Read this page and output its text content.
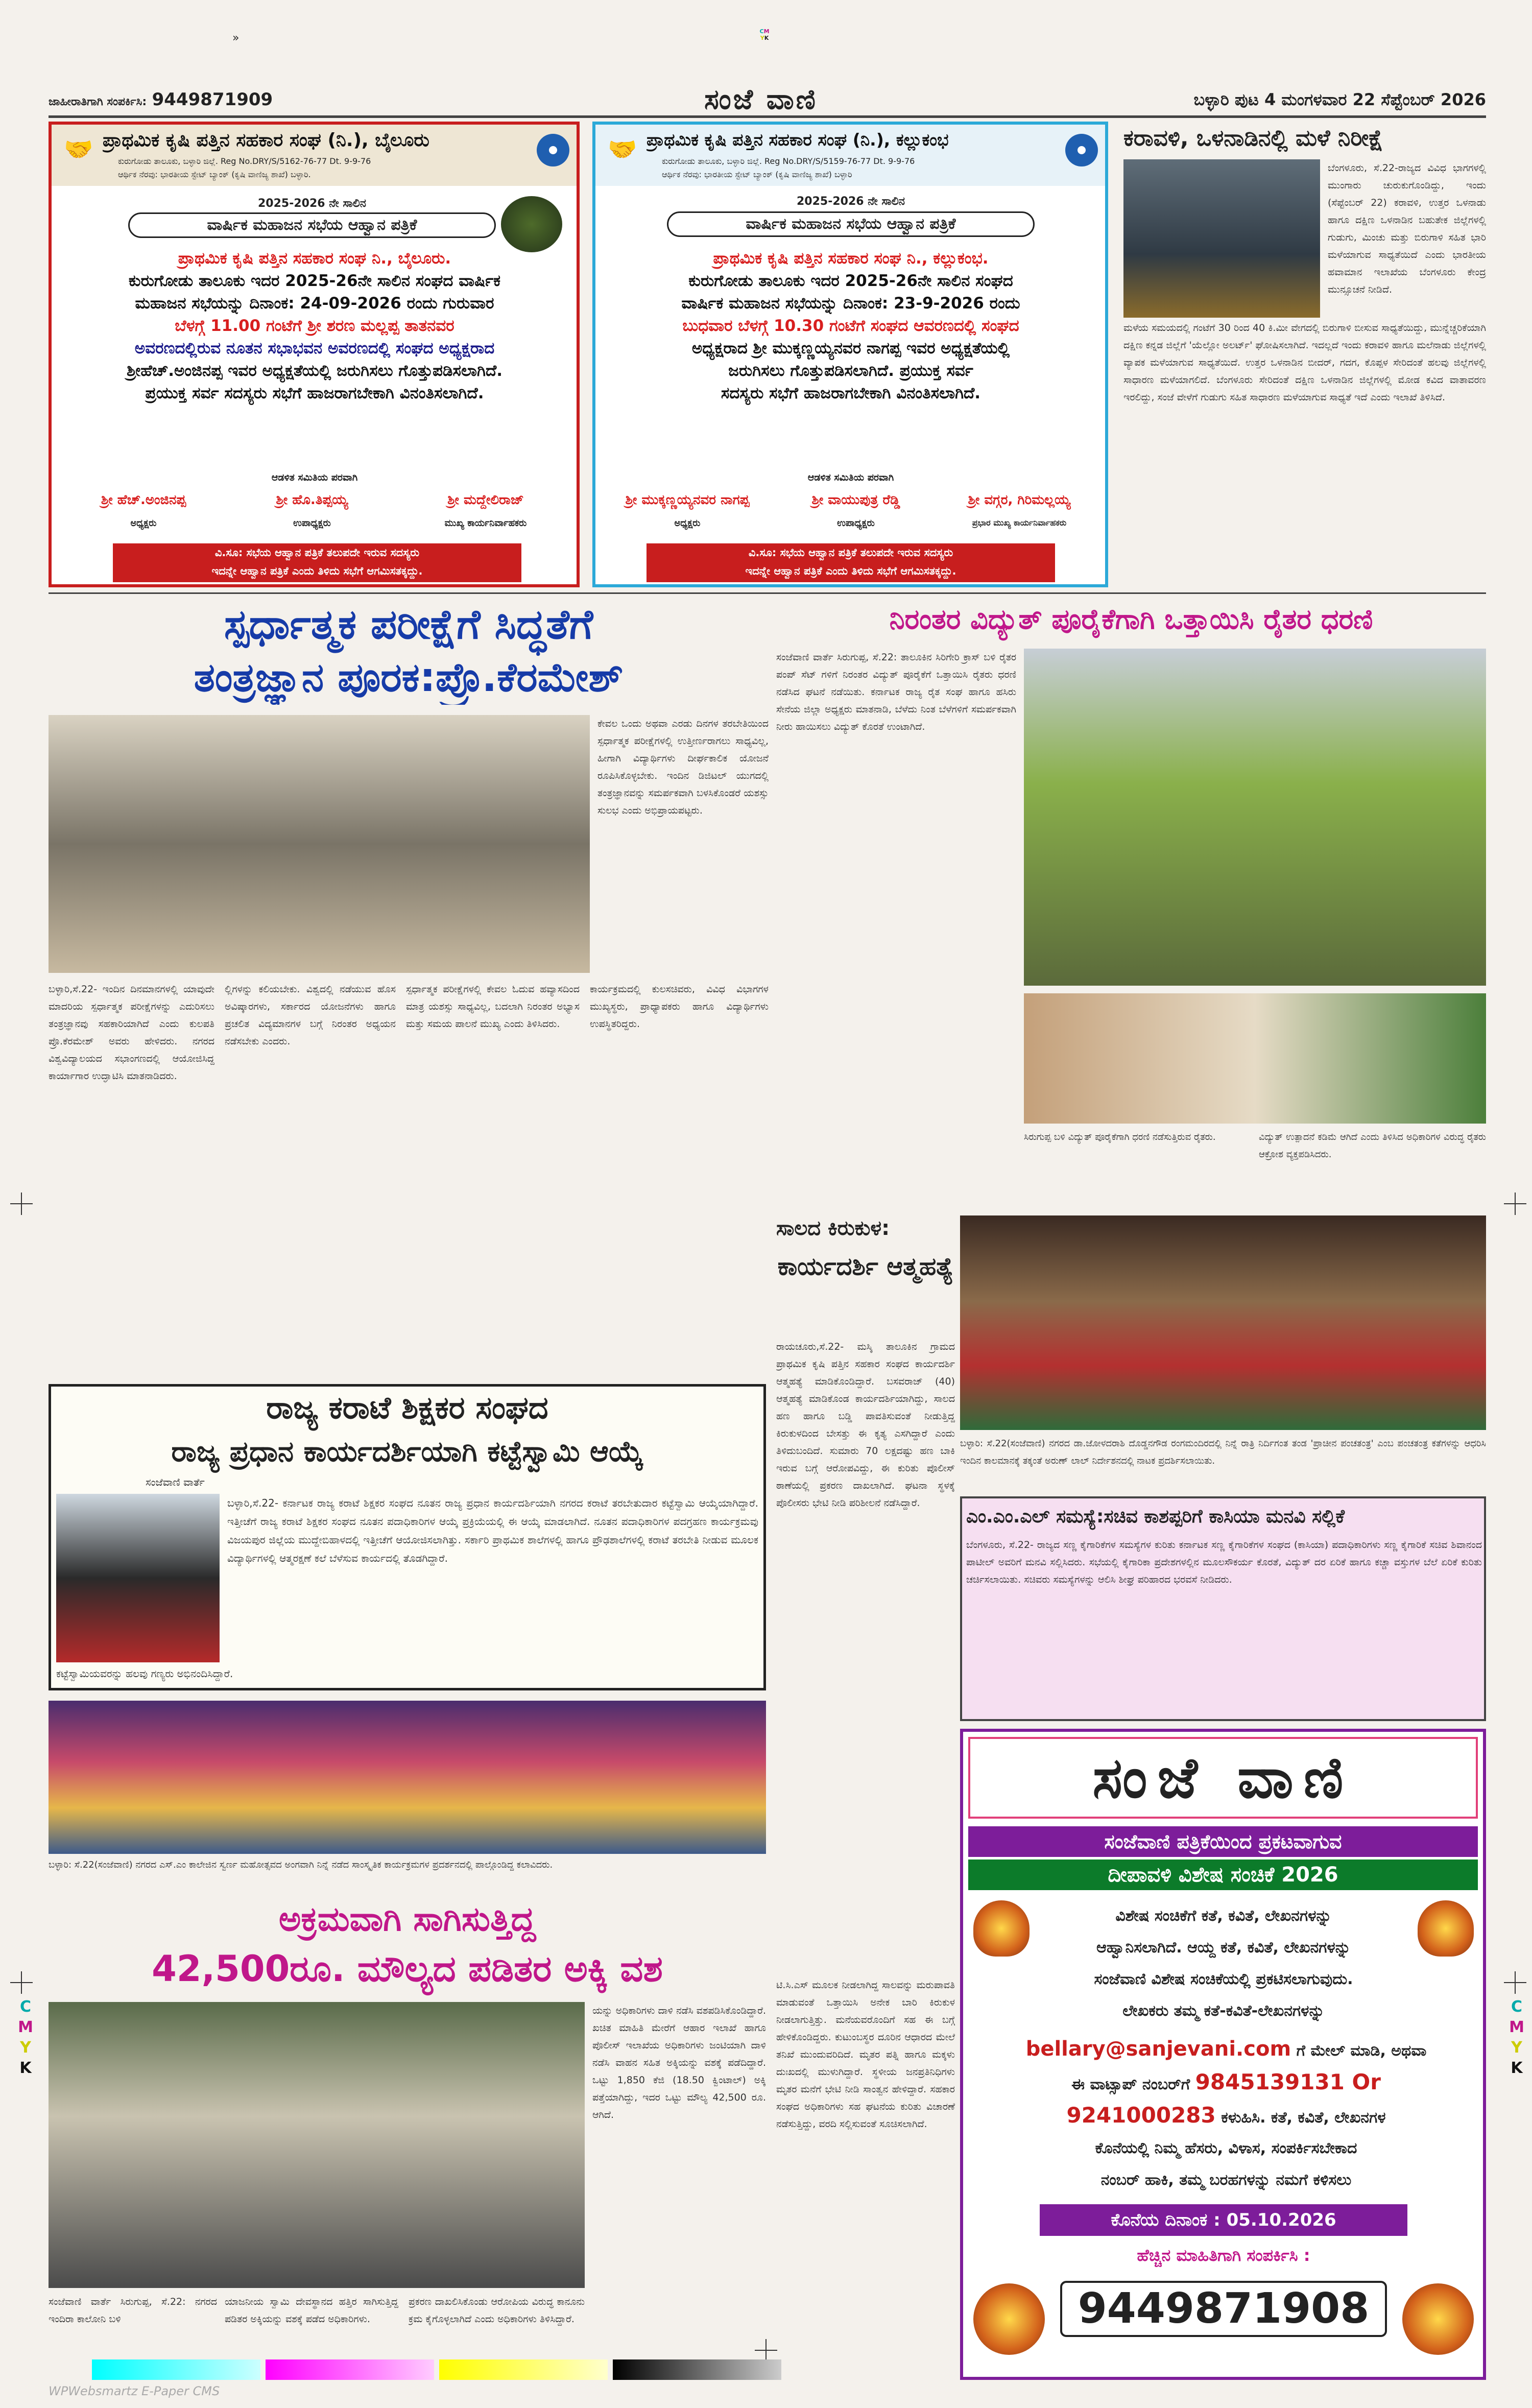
»
CM
YK
ಜಾಹೀರಾತಿಗಾಗಿ ಸಂಪರ್ಕಿಸಿ: 9449871909	ಸಂಜೆ ವಾಣಿ	ಬಳ್ಳಾರಿ ಪುಟ 4 ಮಂಗಳವಾರ 22 ಸೆಪ್ಟೆಂಬರ್ 2026
🤝 ಪ್ರಾಥಮಿಕ ಕೃಷಿ ಪತ್ತಿನ ಸಹಕಾರ ಸಂಘ (ನಿ.), ಬೈಲೂರು
ಕುರುಗೋಡು ತಾಲೂಕು, ಬಳ್ಳಾರಿ ಜಿಲ್ಲೆ. Reg No.DRY/S/5162-76-77 Dt. 9-9-76
ಆರ್ಥಿಕ ನೆರವು: ಭಾರತೀಯ ಸ್ಟೇಟ್ ಬ್ಯಾಂಕ್ (ಕೃಷಿ ವಾಣಿಜ್ಯ ಶಾಖೆ) ಬಳ್ಳಾರಿ.
2025-2026 ನೇ ಸಾಲಿನ
ವಾರ್ಷಿಕ ಮಹಾಜನ ಸಭೆಯ ಆಹ್ವಾನ ಪತ್ರಿಕೆ
ಪ್ರಾಥಮಿಕ ಕೃಷಿ ಪತ್ತಿನ ಸಹಕಾರ ಸಂಘ ನಿ., ಬೈಲೂರು.
ಕುರುಗೋಡು ತಾಲೂಕು ಇದರ 2025-26ನೇ ಸಾಲಿನ ಸಂಘದ ವಾರ್ಷಿಕ
ಮಹಾಜನ ಸಭೆಯನ್ನು ದಿನಾಂಕ: 24-09-2026 ರಂದು ಗುರುವಾರ
ಬೆಳಗ್ಗೆ 11.00 ಗಂಟೆಗೆ ಶ್ರೀ ಶರಣ ಮಲ್ಲಪ್ಪ ತಾತನವರ
ಅವರಣದಲ್ಲಿರುವ ನೂತನ ಸಭಾಭವನ ಅವರಣದಲ್ಲಿ ಸಂಘದ ಅಧ್ಯಕ್ಷರಾದ
ಶ್ರೀಹೆಚ್.ಅಂಜಿನಪ್ಪ ಇವರ ಅಧ್ಯಕ್ಷತೆಯಲ್ಲಿ ಜರುಗಿಸಲು ಗೊತ್ತುಪಡಿಸಲಾಗಿದೆ.
ಪ್ರಯುಕ್ತ ಸರ್ವ ಸದಸ್ಯರು ಸಭೆಗೆ ಹಾಜರಾಗಬೇಕಾಗಿ ವಿನಂತಿಸಲಾಗಿದೆ.
ಆಡಳಿತ ಸಮಿತಿಯ ಪರವಾಗಿ
ಶ್ರೀ ಹೆಚ್.ಅಂಜಿನಪ್ಪ
ಅಧ್ಯಕ್ಷರು
ಶ್ರೀ ಹೊ.ತಿಪ್ಪಯ್ಯ
ಉಪಾಧ್ಯಕ್ಷರು
ಶ್ರೀ ಮದ್ದೇಲಿರಾಜ್
ಮುಖ್ಯ ಕಾರ್ಯನಿರ್ವಾಹಕರು
ವಿ.ಸೂ: ಸಭೆಯ ಆಹ್ವಾನ ಪತ್ರಿಕೆ ತಲುಪದೇ ಇರುವ ಸದಸ್ಯರು
ಇದನ್ನೇ ಆಹ್ವಾನ ಪತ್ರಿಕೆ ಎಂದು ತಿಳಿದು ಸಭೆಗೆ ಆಗಮಿಸತಕ್ಕದ್ದು.
🤝 ಪ್ರಾಥಮಿಕ ಕೃಷಿ ಪತ್ತಿನ ಸಹಕಾರ ಸಂಘ (ನಿ.), ಕಲ್ಲುಕಂಭ
ಕುರುಗೋಡು ತಾಲೂಕು, ಬಳ್ಳಾರಿ ಜಿಲ್ಲೆ. Reg No.DRY/S/5159-76-77 Dt. 9-9-76
ಆರ್ಥಿಕ ನೆರವು: ಭಾರತೀಯ ಸ್ಟೇಟ್ ಬ್ಯಾಂಕ್ (ಕೃಷಿ ವಾಣಿಜ್ಯ ಶಾಖೆ) ಬಳ್ಳಾರಿ
2025-2026 ನೇ ಸಾಲಿನ
ವಾರ್ಷಿಕ ಮಹಾಜನ ಸಭೆಯ ಆಹ್ವಾನ ಪತ್ರಿಕೆ
ಪ್ರಾಥಮಿಕ ಕೃಷಿ ಪತ್ತಿನ ಸಹಕಾರ ಸಂಘ ನಿ., ಕಲ್ಲುಕಂಭ.
ಕುರುಗೋಡು ತಾಲೂಕು ಇದರ 2025-26ನೇ ಸಾಲಿನ ಸಂಘದ
ವಾರ್ಷಿಕ ಮಹಾಜನ ಸಭೆಯನ್ನು ದಿನಾಂಕ: 23-9-2026 ರಂದು
ಬುಧವಾರ ಬೆಳಗ್ಗೆ 10.30 ಗಂಟೆಗೆ ಸಂಘದ ಆವರಣದಲ್ಲಿ ಸಂಘದ
ಅಧ್ಯಕ್ಷರಾದ ಶ್ರೀ ಮುಕ್ಕಣ್ಣಯ್ಯನವರ ನಾಗಪ್ಪ ಇವರ ಅಧ್ಯಕ್ಷತೆಯಲ್ಲಿ
ಜರುಗಿಸಲು ಗೊತ್ತುಪಡಿಸಲಾಗಿದೆ. ಪ್ರಯುಕ್ತ ಸರ್ವ
ಸದಸ್ಯರು ಸಭೆಗೆ ಹಾಜರಾಗಬೇಕಾಗಿ ವಿನಂತಿಸಲಾಗಿದೆ.
ಆಡಳಿತ ಸಮಿತಿಯ ಪರವಾಗಿ
ಶ್ರೀ ಮುಕ್ಕಣ್ಣಯ್ಯನವರ ನಾಗಪ್ಪ
ಅಧ್ಯಕ್ಷರು
ಶ್ರೀ ವಾಯುಪುತ್ರ ರೆಡ್ಡಿ
ಉಪಾಧ್ಯಕ್ಷರು
ಶ್ರೀ ವಗ್ಗರ, ಗಿರಿಮಲ್ಲಯ್ಯ
ಪ್ರಭಾರ ಮುಖ್ಯ ಕಾರ್ಯನಿರ್ವಾಹಕರು
ವಿ.ಸೂ: ಸಭೆಯ ಆಹ್ವಾನ ಪತ್ರಿಕೆ ತಲುಪದೇ ಇರುವ ಸದಸ್ಯರು
ಇದನ್ನೇ ಆಹ್ವಾನ ಪತ್ರಿಕೆ ಎಂದು ತಿಳಿದು ಸಭೆಗೆ ಆಗಮಿಸತಕ್ಕದ್ದು.
ಕರಾವಳಿ, ಒಳನಾಡಿನಲ್ಲಿ ಮಳೆ ನಿರೀಕ್ಷೆ
ಬೆಂಗಳೂರು, ಸೆ.22-ರಾಜ್ಯದ ವಿವಿಧ ಭಾಗಗಳಲ್ಲಿ ಮುಂಗಾರು ಚುರುಕುಗೊಂಡಿದ್ದು, ಇಂದು (ಸೆಪ್ಟೆಂಬರ್ 22) ಕರಾವಳಿ, ಉತ್ತರ ಒಳನಾಡು ಹಾಗೂ ದಕ್ಷಿಣ ಒಳನಾಡಿನ ಬಹುತೇಕ ಜಿಲ್ಲೆಗಳಲ್ಲಿ ಗುಡುಗು, ಮಿಂಚು ಮತ್ತು ಬಿರುಗಾಳಿ ಸಹಿತ ಭಾರಿ ಮಳೆಯಾಗುವ ಸಾಧ್ಯತೆಯಿದೆ ಎಂದು ಭಾರತೀಯ ಹವಾಮಾನ ಇಲಾಖೆಯ ಬೆಂಗಳೂರು ಕೇಂದ್ರ ಮುನ್ಸೂಚನೆ ನೀಡಿದೆ.
ಮಳೆಯ ಸಮಯದಲ್ಲಿ ಗಂಟೆಗೆ 30 ರಿಂದ 40 ಕಿ.ಮೀ ವೇಗದಲ್ಲಿ ಬಿರುಗಾಳಿ ಬೀಸುವ ಸಾಧ್ಯತೆಯಿದ್ದು, ಮುನ್ನೆಚ್ಚರಿಕೆಯಾಗಿ ದಕ್ಷಿಣ ಕನ್ನಡ ಜಿಲ್ಲೆಗೆ 'ಯೆಲ್ಲೋ ಅಲರ್ಟ್' ಘೋಷಿಸಲಾಗಿದೆ. ಇದಲ್ಲದೆ ಇಂದು ಕರಾವಳಿ ಹಾಗೂ ಮಲೆನಾಡು ಜಿಲ್ಲೆಗಳಲ್ಲಿ ವ್ಯಾಪಕ ಮಳೆಯಾಗುವ ಸಾಧ್ಯತೆಯಿದೆ. ಉತ್ತರ ಒಳನಾಡಿನ ಬೀದರ್, ಗದಗ, ಕೊಪ್ಪಳ ಸೇರಿದಂತೆ ಹಲವು ಜಿಲ್ಲೆಗಳಲ್ಲಿ ಸಾಧಾರಣ ಮಳೆಯಾಗಲಿದೆ. ಬೆಂಗಳೂರು ಸೇರಿದಂತೆ ದಕ್ಷಿಣ ಒಳನಾಡಿನ ಜಿಲ್ಲೆಗಳಲ್ಲಿ ಮೋಡ ಕವಿದ ವಾತಾವರಣ ಇರಲಿದ್ದು, ಸಂಜೆ ವೇಳೆಗೆ ಗುಡುಗು ಸಹಿತ ಸಾಧಾರಣ ಮಳೆಯಾಗುವ ಸಾಧ್ಯತೆ ಇದೆ ಎಂದು ಇಲಾಖೆ ತಿಳಿಸಿದೆ.
ಸ್ಪರ್ಧಾತ್ಮಕ ಪರೀಕ್ಷೆಗೆ ಸಿದ್ಧತೆಗೆ
ತಂತ್ರಜ್ಞಾನ ಪೂರಕ:ಪ್ರೊ.ಕೆರಮೇಶ್
ಕೇವಲ ಒಂದು ಅಥವಾ ಎರಡು ದಿನಗಳ ತರಬೇತಿಯಿಂದ ಸ್ಪರ್ಧಾತ್ಮಕ ಪರೀಕ್ಷೆಗಳಲ್ಲಿ ಉತ್ತೀರ್ಣರಾಗಲು ಸಾಧ್ಯವಿಲ್ಲ, ಹೀಗಾಗಿ ವಿದ್ಯಾರ್ಥಿಗಳು ದೀರ್ಘಕಾಲಿಕ ಯೋಜನೆ ರೂಪಿಸಿಕೊಳ್ಳಬೇಕು. ಇಂದಿನ ಡಿಜಿಟಲ್ ಯುಗದಲ್ಲಿ ತಂತ್ರಜ್ಞಾನವನ್ನು ಸಮರ್ಪಕವಾಗಿ ಬಳಸಿಕೊಂಡರೆ ಯಶಸ್ಸು ಸುಲಭ ಎಂದು ಅಭಿಪ್ರಾಯಪಟ್ಟರು.
ಬಳ್ಳಾರಿ,ಸೆ.22- ಇಂದಿನ ದಿನಮಾನಗಳಲ್ಲಿ ಯಾವುದೇ ಮಾದರಿಯ ಸ್ಪರ್ಧಾತ್ಮಕ ಪರೀಕ್ಷೆಗಳನ್ನು ಎದುರಿಸಲು ತಂತ್ರಜ್ಞಾನವು ಸಹಕಾರಿಯಾಗಿದೆ ಎಂದು ಕುಲಪತಿ ಪ್ರೊ.ಕೆರಮೇಶ್ ಅವರು ಹೇಳಿದರು. ನಗರದ ವಿಶ್ವವಿದ್ಯಾಲಯದ ಸಭಾಂಗಣದಲ್ಲಿ ಆಯೋಜಿಸಿದ್ದ ಕಾರ್ಯಾಗಾರ ಉದ್ಘಾಟಿಸಿ ಮಾತನಾಡಿದರು.
ಲ್ಲಿಗಳನ್ನು ಕಲಿಯಬೇಕು. ವಿಶ್ವದಲ್ಲಿ ನಡೆಯುವ ಹೊಸ ಅವಿಷ್ಕಾರಗಳು, ಸರ್ಕಾರದ ಯೋಜನೆಗಳು ಹಾಗೂ ಪ್ರಚಲಿತ ವಿದ್ಯಮಾನಗಳ ಬಗ್ಗೆ ನಿರಂತರ ಅಧ್ಯಯನ ನಡೆಸಬೇಕು ಎಂದರು.
ಸ್ಪರ್ಧಾತ್ಮಕ ಪರೀಕ್ಷೆಗಳಲ್ಲಿ ಕೇವಲ ಓದುವ ಹವ್ಯಾಸದಿಂದ ಮಾತ್ರ ಯಶಸ್ಸು ಸಾಧ್ಯವಿಲ್ಲ, ಬದಲಾಗಿ ನಿರಂತರ ಅಭ್ಯಾಸ ಮತ್ತು ಸಮಯ ಪಾಲನೆ ಮುಖ್ಯ ಎಂದು ತಿಳಿಸಿದರು.
ಕಾರ್ಯಕ್ರಮದಲ್ಲಿ ಕುಲಸಚಿವರು, ವಿವಿಧ ವಿಭಾಗಗಳ ಮುಖ್ಯಸ್ಥರು, ಪ್ರಾಧ್ಯಾಪಕರು ಹಾಗೂ ವಿದ್ಯಾರ್ಥಿಗಳು ಉಪಸ್ಥಿತರಿದ್ದರು.
ನಿರಂತರ ವಿದ್ಯುತ್ ಪೂರೈಕೆಗಾಗಿ ಒತ್ತಾಯಿಸಿ ರೈತರ ಧರಣಿ
ಸಂಜೆವಾಣಿ ವಾರ್ತೆ ಸಿರುಗುಪ್ಪ, ಸೆ.22: ತಾಲೂಕಿನ ಸಿರಿಗೇರಿ ಕ್ರಾಸ್ ಬಳಿ ರೈತರ ಪಂಪ್ ಸೆಟ್ ಗಳಿಗೆ ನಿರಂತರ ವಿದ್ಯುತ್ ಪೂರೈಕೆಗೆ ಒತ್ತಾಯಿಸಿ ರೈತರು ಧರಣಿ ನಡೆಸಿದ ಘಟನೆ ನಡೆಯಿತು. ಕರ್ನಾಟಕ ರಾಜ್ಯ ರೈತ ಸಂಘ ಹಾಗೂ ಹಸಿರು ಸೇನೆಯ ಜಿಲ್ಲಾ ಅಧ್ಯಕ್ಷರು ಮಾತನಾಡಿ, ಬೆಳೆದು ನಿಂತ ಬೆಳೆಗಳಿಗೆ ಸಮರ್ಪಕವಾಗಿ ನೀರು ಹಾಯಿಸಲು ವಿದ್ಯುತ್ ಕೊರತೆ ಉಂಟಾಗಿದೆ.
ಸಿರುಗುಪ್ಪ ಬಳಿ ವಿದ್ಯುತ್ ಪೂರೈಕೆಗಾಗಿ ಧರಣಿ ನಡೆಸುತ್ತಿರುವ ರೈತರು.	ವಿದ್ಯುತ್ ಉತ್ಪಾದನೆ ಕಡಿಮೆ ಆಗಿದೆ ಎಂದು ತಿಳಿಸಿದ ಅಧಿಕಾರಿಗಳ ವಿರುದ್ಧ ರೈತರು ಆಕ್ರೋಶ ವ್ಯಕ್ತಪಡಿಸಿದರು.
ಸಾಲದ ಕಿರುಕುಳ:
ಕಾರ್ಯದರ್ಶಿ ಆತ್ಮಹತ್ಯೆ
ರಾಯಚೂರು,ಸೆ.22- ಮಸ್ಕಿ ತಾಲೂಕಿನ ಗ್ರಾಮದ ಪ್ರಾಥಮಿಕ ಕೃಷಿ ಪತ್ತಿನ ಸಹಕಾರ ಸಂಘದ ಕಾರ್ಯದರ್ಶಿ ಆತ್ಮಹತ್ಯೆ ಮಾಡಿಕೊಂಡಿದ್ದಾರೆ. ಬಸವರಾಜ್ (40) ಆತ್ಮಹತ್ಯೆ ಮಾಡಿಕೊಂಡ ಕಾರ್ಯದರ್ಶಿಯಾಗಿದ್ದು, ಸಾಲದ ಹಣ ಹಾಗೂ ಬಡ್ಡಿ ಪಾವತಿಸುವಂತೆ ನೀಡುತ್ತಿದ್ದ ಕಿರುಕುಳದಿಂದ ಬೇಸತ್ತು ಈ ಕೃತ್ಯ ಎಸಗಿದ್ದಾರೆ ಎಂದು ತಿಳಿದುಬಂದಿದೆ. ಸುಮಾರು 70 ಲಕ್ಷದಷ್ಟು ಹಣ ಬಾಕಿ ಇರುವ ಬಗ್ಗೆ ಆರೋಪವಿದ್ದು, ಈ ಕುರಿತು ಪೊಲೀಸ್ ಠಾಣೆಯಲ್ಲಿ ಪ್ರಕರಣ ದಾಖಲಾಗಿದೆ. ಘಟನಾ ಸ್ಥಳಕ್ಕೆ ಪೊಲೀಸರು ಭೇಟಿ ನೀಡಿ ಪರಿಶೀಲನೆ ನಡೆಸಿದ್ದಾರೆ.
ಟಿ.ಸಿ.ಎಸ್ ಮೂಲಕ ನೀಡಲಾಗಿದ್ದ ಸಾಲವನ್ನು ಮರುಪಾವತಿ ಮಾಡುವಂತೆ ಒತ್ತಾಯಿಸಿ ಅನೇಕ ಬಾರಿ ಕಿರುಕುಳ ನೀಡಲಾಗುತ್ತಿತ್ತು. ಮನೆಯವರೊಂದಿಗೆ ಸಹ ಈ ಬಗ್ಗೆ ಹೇಳಿಕೊಂಡಿದ್ದರು. ಕುಟುಂಬಸ್ಥರ ದೂರಿನ ಆಧಾರದ ಮೇಲೆ ತನಿಖೆ ಮುಂದುವರಿದಿದೆ. ಮೃತರ ಪತ್ನಿ ಹಾಗೂ ಮಕ್ಕಳು ದುಃಖದಲ್ಲಿ ಮುಳುಗಿದ್ದಾರೆ. ಸ್ಥಳೀಯ ಜನಪ್ರತಿನಿಧಿಗಳು ಮೃತರ ಮನೆಗೆ ಭೇಟಿ ನೀಡಿ ಸಾಂತ್ವನ ಹೇಳಿದ್ದಾರೆ. ಸಹಕಾರ ಸಂಘದ ಅಧಿಕಾರಿಗಳು ಸಹ ಘಟನೆಯ ಕುರಿತು ವಿಚಾರಣೆ ನಡೆಸುತ್ತಿದ್ದು, ವರದಿ ಸಲ್ಲಿಸುವಂತೆ ಸೂಚಿಸಲಾಗಿದೆ.
ಬಳ್ಳಾರಿ: ಸೆ.22(ಸಂಜೆವಾಣಿ) ನಗರದ ಡಾ.ಜೋಳದರಾಶಿ ದೊಡ್ಡನಗೌಡ ರಂಗಮಂದಿರದಲ್ಲಿ ನಿನ್ನೆ ರಾತ್ರಿ ನಿರ್ದಿಗಂತ ತಂಡ 'ಪ್ರಾಚೀನ ಪಂಚತಂತ್ರ' ಎಂಬ ಪಂಚತಂತ್ರ ಕತೆಗಳನ್ನು ಆಧರಿಸಿ ಇಂದಿನ ಕಾಲಮಾನಕ್ಕೆ ತಕ್ಕಂತೆ ಅರುಣ್ ಲಾಲ್ ನಿರ್ದೇಶನದಲ್ಲಿ ನಾಟಕ ಪ್ರದರ್ಶಿಸಲಾಯಿತು.
ರಾಜ್ಯ ಕರಾಟೆ ಶಿಕ್ಷಕರ ಸಂಘದ
ರಾಜ್ಯ ಪ್ರಧಾನ ಕಾರ್ಯದರ್ಶಿಯಾಗಿ ಕಟ್ಟೆಸ್ವಾಮಿ ಆಯ್ಕೆ
ಸಂಜೆವಾಣಿ ವಾರ್ತೆ
ಬಳ್ಳಾರಿ,ಸೆ.22- ಕರ್ನಾಟಕ ರಾಜ್ಯ ಕರಾಟೆ ಶಿಕ್ಷಕರ ಸಂಘದ ನೂತನ ರಾಜ್ಯ ಪ್ರಧಾನ ಕಾರ್ಯದರ್ಶಿಯಾಗಿ ನಗರದ ಕರಾಟೆ ತರಬೇತುದಾರ ಕಟ್ಟೆಸ್ವಾಮಿ ಆಯ್ಕೆಯಾಗಿದ್ದಾರೆ. ಇತ್ತೀಚೆಗೆ ರಾಜ್ಯ ಕರಾಟೆ ಶಿಕ್ಷಕರ ಸಂಘದ ನೂತನ ಪದಾಧಿಕಾರಿಗಳ ಆಯ್ಕೆ ಪ್ರಕ್ರಿಯೆಯಲ್ಲಿ ಈ ಆಯ್ಕೆ ಮಾಡಲಾಗಿದೆ. ನೂತನ ಪದಾಧಿಕಾರಿಗಳ ಪದಗ್ರಹಣ ಕಾರ್ಯಕ್ರಮವು ವಿಜಯಪುರ ಜಿಲ್ಲೆಯ ಮುದ್ದೇಬಿಹಾಳದಲ್ಲಿ ಇತ್ತೀಚೆಗೆ ಆಯೋಜಿಸಲಾಗಿತ್ತು. ಸರ್ಕಾರಿ ಪ್ರಾಥಮಿಕ ಶಾಲೆಗಳಲ್ಲಿ ಹಾಗೂ ಪ್ರೌಢಶಾಲೆಗಳಲ್ಲಿ ಕರಾಟೆ ತರಬೇತಿ ನೀಡುವ ಮೂಲಕ ವಿದ್ಯಾರ್ಥಿಗಳಲ್ಲಿ ಆತ್ಮರಕ್ಷಣೆ ಕಲೆ ಬೆಳೆಸುವ ಕಾರ್ಯದಲ್ಲಿ ತೊಡಗಿದ್ದಾರೆ.
ಕಟ್ಟೆಸ್ವಾಮಿಯವರನ್ನು ಹಲವು ಗಣ್ಯರು ಅಭಿನಂದಿಸಿದ್ದಾರೆ.
ಬಳ್ಳಾರಿ: ಸೆ.22(ಸಂಜೆವಾಣಿ) ನಗರದ ಎಸ್.ಎಂ ಕಾಲೇಜಿನ ಸ್ವರ್ಣ ಮಹೋತ್ಸವದ ಅಂಗವಾಗಿ ನಿನ್ನೆ ನಡೆದ ಸಾಂಸ್ಕೃತಿಕ ಕಾರ್ಯಕ್ರಮಗಳ ಪ್ರದರ್ಶನದಲ್ಲಿ ಪಾಲ್ಗೊಂಡಿದ್ದ ಕಲಾವಿದರು.
ಅಕ್ರಮವಾಗಿ ಸಾಗಿಸುತ್ತಿದ್ದ
42,500ರೂ. ಮೌಲ್ಯದ ಪಡಿತರ ಅಕ್ಕಿ ವಶ
ಯನ್ನು ಅಧಿಕಾರಿಗಳು ದಾಳಿ ನಡೆಸಿ ವಶಪಡಿಸಿಕೊಂಡಿದ್ದಾರೆ. ಖಚಿತ ಮಾಹಿತಿ ಮೇರೆಗೆ ಆಹಾರ ಇಲಾಖೆ ಹಾಗೂ ಪೊಲೀಸ್ ಇಲಾಖೆಯ ಅಧಿಕಾರಿಗಳು ಜಂಟಿಯಾಗಿ ದಾಳಿ ನಡೆಸಿ ವಾಹನ ಸಹಿತ ಅಕ್ಕಿಯನ್ನು ವಶಕ್ಕೆ ಪಡೆದಿದ್ದಾರೆ. ಒಟ್ಟು 1,850 ಕೆಜಿ (18.50 ಕ್ವಿಂಟಾಲ್) ಅಕ್ಕಿ ಪತ್ತೆಯಾಗಿದ್ದು, ಇದರ ಒಟ್ಟು ಮೌಲ್ಯ 42,500 ರೂ. ಆಗಿದೆ.
ಸಂಜೆವಾಣಿ ವಾರ್ತೆ ಸಿರುಗುಪ್ಪ, ಸೆ.22: ನಗರದ ಇಂದಿರಾ ಕಾಲೋನಿ ಬಳಿ
ಯಾಜನೀಯ ಸ್ವಾಮಿ ದೇವಸ್ಥಾನದ ಹತ್ತಿರ ಸಾಗಿಸುತ್ತಿದ್ದ ಪಡಿತರ ಅಕ್ಕಿಯನ್ನು ವಶಕ್ಕೆ ಪಡೆದ ಅಧಿಕಾರಿಗಳು.
ಪ್ರಕರಣ ದಾಖಲಿಸಿಕೊಂಡು ಆರೋಪಿಯ ವಿರುದ್ಧ ಕಾನೂನು ಕ್ರಮ ಕೈಗೊಳ್ಳಲಾಗಿದೆ ಎಂದು ಅಧಿಕಾರಿಗಳು ತಿಳಿಸಿದ್ದಾರೆ.
ಎಂ.ಎಂ.ಎಲ್ ಸಮಸ್ಯೆ:ಸಚಿವ ಕಾಶಪ್ಪರಿಗೆ ಕಾಸಿಯಾ ಮನವಿ ಸಲ್ಲಿಕೆ
ಬೆಂಗಳೂರು, ಸೆ.22- ರಾಜ್ಯದ ಸಣ್ಣ ಕೈಗಾರಿಕೆಗಳ ಸಮಸ್ಯೆಗಳ ಕುರಿತು ಕರ್ನಾಟಕ ಸಣ್ಣ ಕೈಗಾರಿಕೆಗಳ ಸಂಘದ (ಕಾಸಿಯಾ) ಪದಾಧಿಕಾರಿಗಳು ಸಣ್ಣ ಕೈಗಾರಿಕೆ ಸಚಿವ ಶಿವಾನಂದ ಪಾಟೀಲ್ ಅವರಿಗೆ ಮನವಿ ಸಲ್ಲಿಸಿದರು. ಸಭೆಯಲ್ಲಿ ಕೈಗಾರಿಕಾ ಪ್ರದೇಶಗಳಲ್ಲಿನ ಮೂಲಸೌಕರ್ಯ ಕೊರತೆ, ವಿದ್ಯುತ್ ದರ ಏರಿಕೆ ಹಾಗೂ ಕಚ್ಚಾ ವಸ್ತುಗಳ ಬೆಲೆ ಏರಿಕೆ ಕುರಿತು ಚರ್ಚಿಸಲಾಯಿತು. ಸಚಿವರು ಸಮಸ್ಯೆಗಳನ್ನು ಆಲಿಸಿ ಶೀಘ್ರ ಪರಿಹಾರದ ಭರವಸೆ ನೀಡಿದರು.
ಸಂಜೆ ವಾಣಿ
ಸಂಜೆವಾಣಿ ಪತ್ರಿಕೆಯಿಂದ ಪ್ರಕಟವಾಗುವ
ದೀಪಾವಳಿ ವಿಶೇಷ ಸಂಚಿಕೆ 2026
ವಿಶೇಷ ಸಂಚಿಕೆಗೆ ಕತೆ, ಕವಿತೆ, ಲೇಖನಗಳನ್ನು
ಆಹ್ವಾನಿಸಲಾಗಿದೆ. ಆಯ್ದ ಕತೆ, ಕವಿತೆ, ಲೇಖನಗಳನ್ನು
ಸಂಜೆವಾಣಿ ವಿಶೇಷ ಸಂಚಿಕೆಯಲ್ಲಿ ಪ್ರಕಟಿಸಲಾಗುವುದು.
ಲೇಖಕರು ತಮ್ಮ ಕತೆ-ಕವಿತೆ-ಲೇಖನಗಳನ್ನು
bellary@sanjevani.com ಗೆ ಮೇಲ್ ಮಾಡಿ, ಅಥವಾ
ಈ ವಾಟ್ಸಾಪ್ ನಂಬರ್‌ಗೆ 9845139131 Or
9241000283 ಕಳುಹಿಸಿ. ಕತೆ, ಕವಿತೆ, ಲೇಖನಗಳ
ಕೊನೆಯಲ್ಲಿ ನಿಮ್ಮ ಹೆಸರು, ವಿಳಾಸ, ಸಂಪರ್ಕಿಸಬೇಕಾದ
ನಂಬರ್ ಹಾಕಿ, ತಮ್ಮ ಬರಹಗಳನ್ನು ನಮಗೆ ಕಳಿಸಲು
ಕೊನೆಯ ದಿನಾಂಕ : 05.10.2026
ಹೆಚ್ಚಿನ ಮಾಹಿತಿಗಾಗಿ ಸಂಪರ್ಕಿಸಿ :
9449871908
C
M
Y
K
C
M
Y
K
WPWebsmartz E-Paper CMS
